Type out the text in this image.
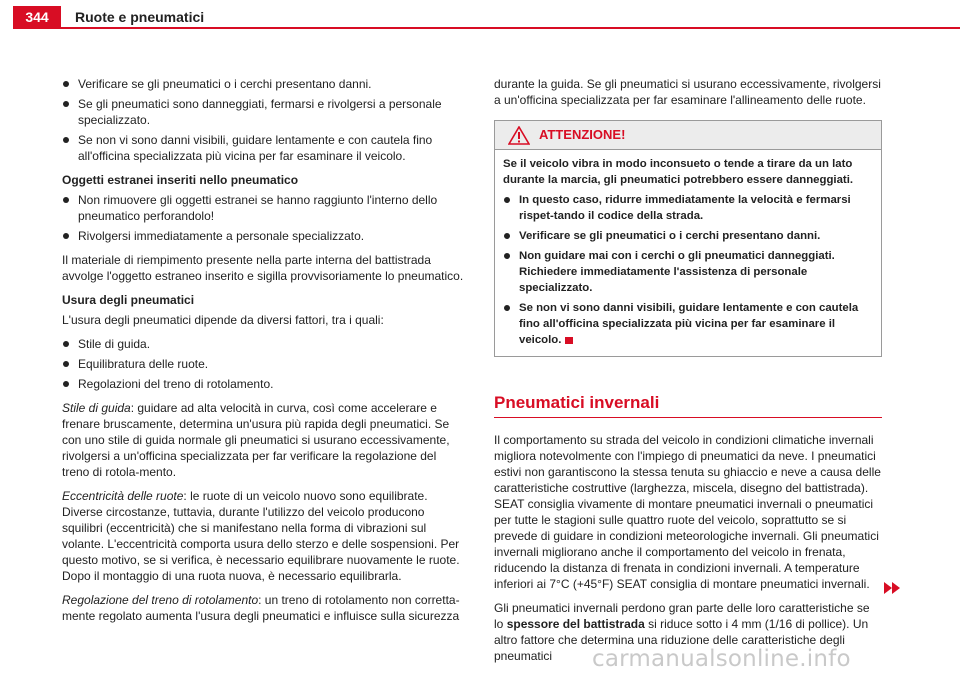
344	Ruote e pneumatici
Verificare se gli pneumatici o i cerchi presentano danni.
Se gli pneumatici sono danneggiati, fermarsi e rivolgersi a personale specializzato.
Se non vi sono danni visibili, guidare lentamente e con cautela fino all'officina specializzata più vicina per far esaminare il veicolo.

Oggetti estranei inseriti nello pneumatico

Non rimuovere gli oggetti estranei se hanno raggiunto l'interno dello pneumatico perforandolo!
Rivolgersi immediatamente a personale specializzato.

Il materiale di riempimento presente nella parte interna del battistrada avvolge l'oggetto estraneo inserito e sigilla provvisoriamente lo pneumatico.

Usura degli pneumatici

L'usura degli pneumatici dipende da diversi fattori, tra i quali:

Stile di guida.
Equilibratura delle ruote.
Regolazioni del treno di rotolamento.

Stile di guida: guidare ad alta velocità in curva, così come accelerare e frenare bruscamente, determina un'usura più rapida degli pneumatici. Se con uno stile di guida normale gli pneumatici si usurano eccessivamente, rivolgersi a un'officina specializzata per far verificare la regolazione del treno di rotola-mento.

Eccentricità delle ruote: le ruote di un veicolo nuovo sono equilibrate. Diverse circostanze, tuttavia, durante l'utilizzo del veicolo producono squilibri (eccentricità) che si manifestano nella forma di vibrazioni sul volante. L'eccentricità comporta usura dello sterzo e delle sospensioni. Per questo motivo, se si verifica, è necessario equilibrare nuovamente le ruote. Dopo il montaggio di una ruota nuova, è necessario equilibrarla.

Regolazione del treno di rotolamento: un treno di rotolamento non corretta-mente regolato aumenta l'usura degli pneumatici e influisce sulla sicurezza

durante la guida. Se gli pneumatici si usurano eccessivamente, rivolgersi a un'officina specializzata per far esaminare l'allineamento delle ruote.

ATTENZIONE!

Se il veicolo vibra in modo inconsueto o tende a tirare da un lato durante la marcia, gli pneumatici potrebbero essere danneggiati.

In questo caso, ridurre immediatamente la velocità e fermarsi rispet-tando il codice della strada.
Verificare se gli pneumatici o i cerchi presentano danni.
Non guidare mai con i cerchi o gli pneumatici danneggiati. Richiedere immediatamente l'assistenza di personale specializzato.
Se non vi sono danni visibili, guidare lentamente e con cautela fino all'officina specializzata più vicina per far esaminare il veicolo.
Pneumatici invernali

Il comportamento su strada del veicolo in condizioni climatiche invernali migliora notevolmente con l'impiego di pneumatici da neve. I pneumatici estivi non garantiscono la stessa tenuta su ghiaccio e neve a causa delle caratteristiche costruttive (larghezza, miscela, disegno del battistrada). SEAT consiglia vivamente di montare pneumatici invernali o pneumatici per tutte le stagioni sulle quattro ruote del veicolo, soprattutto se si prevede di guidare in condizioni meteorologiche invernali. Gli pneumatici invernali migliorano anche il comportamento del veicolo in frenata, riducendo la distanza di frenata in condizioni invernali. A temperature inferiori ai 7°C (+45°F) SEAT consiglia di montare pneumatici invernali.

Gli pneumatici invernali perdono gran parte delle loro caratteristiche se lo spessore del battistrada si riduce sotto i 4 mm (1/16 di pollice). Un altro fattore che determina una riduzione delle caratteristiche degli pneumatici	carmanualsonline.info
